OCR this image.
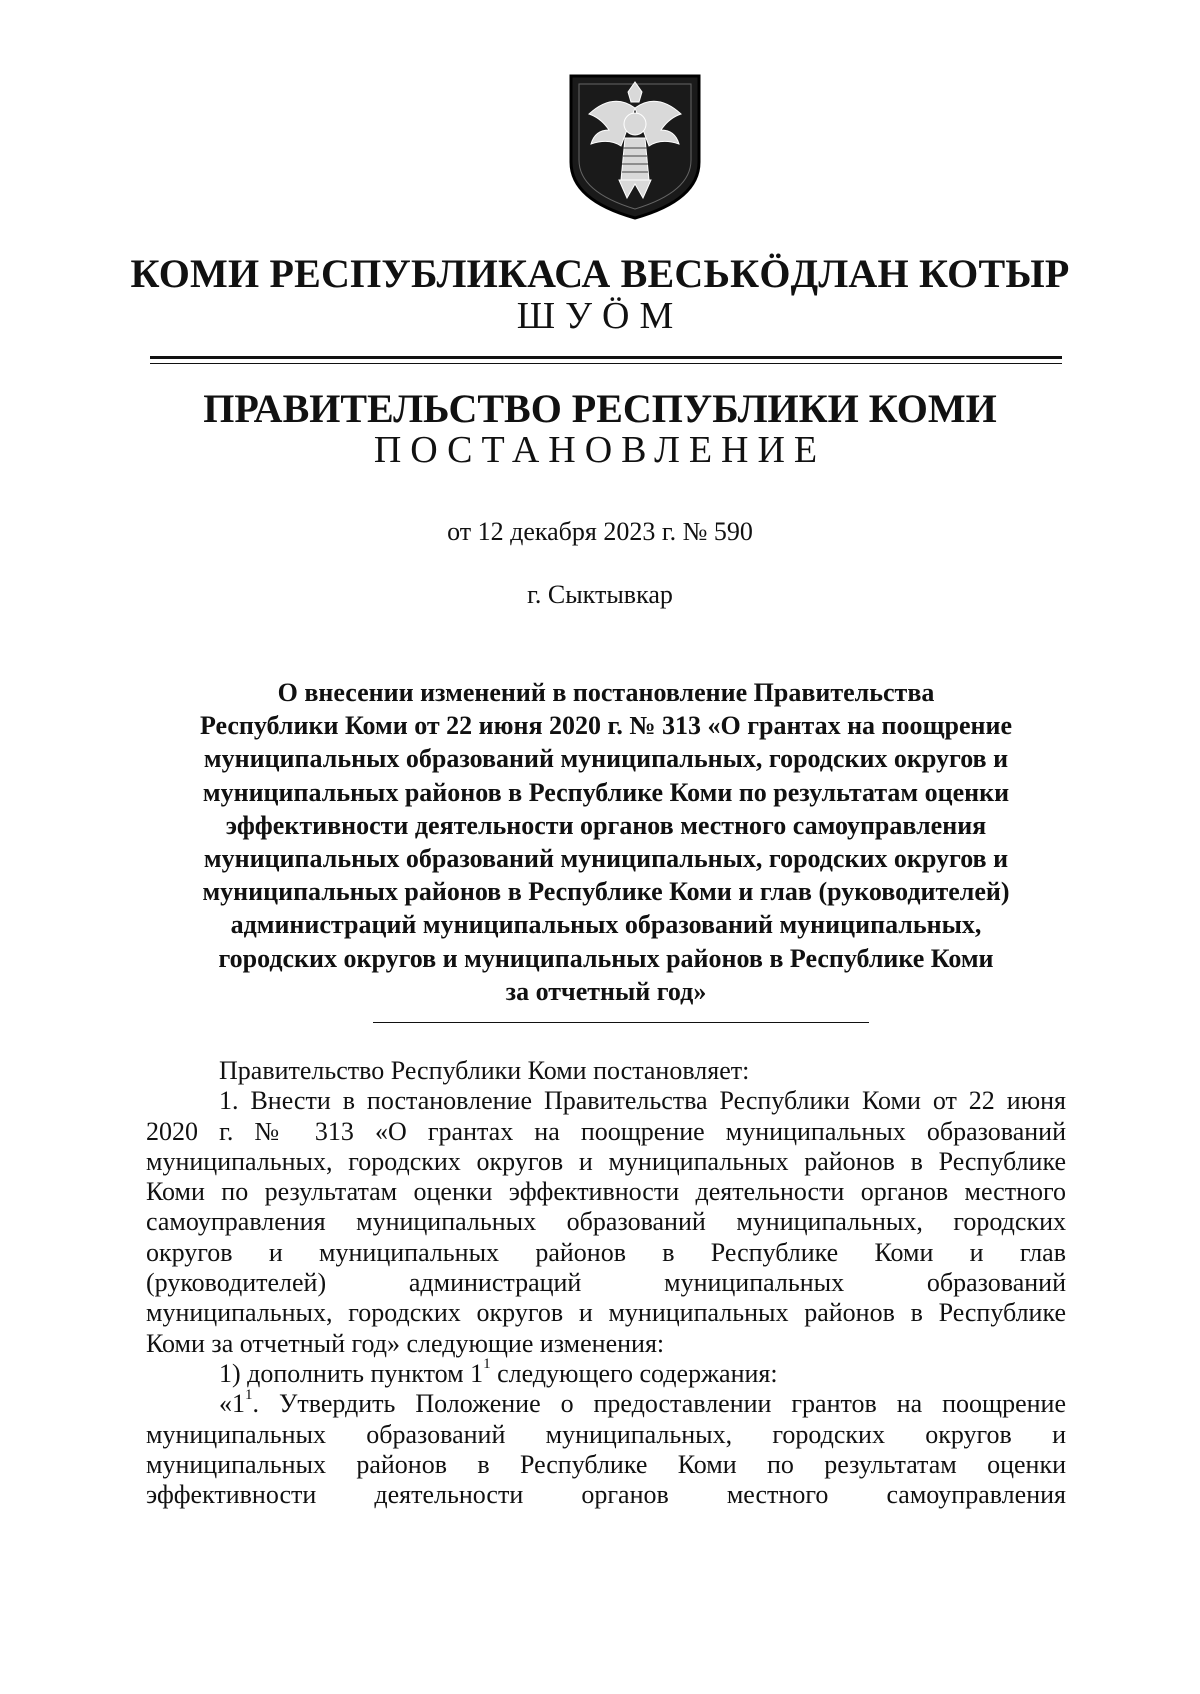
КОМИ РЕСПУБЛИКАСА ВЕСЬКÖДЛАН КОТЫР
ШУÖМ
ПРАВИТЕЛЬСТВО РЕСПУБЛИКИ КОМИ
ПОСТАНОВЛЕНИЕ
от 12 декабря 2023 г. № 590
г. Сыктывкар
О внесении изменений в постановление Правительства
Республики Коми от 22 июня 2020 г. № 313 «О грантах на поощрение
муниципальных образований муниципальных, городских округов и
муниципальных районов в Республике Коми по результатам оценки
эффективности деятельности органов местного самоуправления
муниципальных образований муниципальных, городских округов и
муниципальных районов в Республике Коми и глав (руководителей)
администраций муниципальных образований муниципальных,
городских округов и муниципальных районов в Республике Коми
за отчетный год»

Правительство Республики Коми постановляет:

1. Внести в постановление Правительства Республики Коми от 22 июня
2020 г. № 313 «О грантах на поощрение муниципальных образований
муниципальных, городских округов и муниципальных районов в Республике
Коми по результатам оценки эффективности деятельности органов местного
самоуправления муниципальных образований муниципальных, городских
округов и муниципальных районов в Республике Коми и глав
(руководителей) администраций муниципальных образований
муниципальных, городских округов и муниципальных районов в Республике
Коми за отчетный год» следующие изменения:

1) дополнить пунктом $1^1$ следующего содержания:

«$1^1$. Утвердить Положение о предоставлении грантов на поощрение
муниципальных образований муниципальных, городских округов и
муниципальных районов в Республике Коми по результатам оценки
эффективности деятельности органов местного самоуправления
